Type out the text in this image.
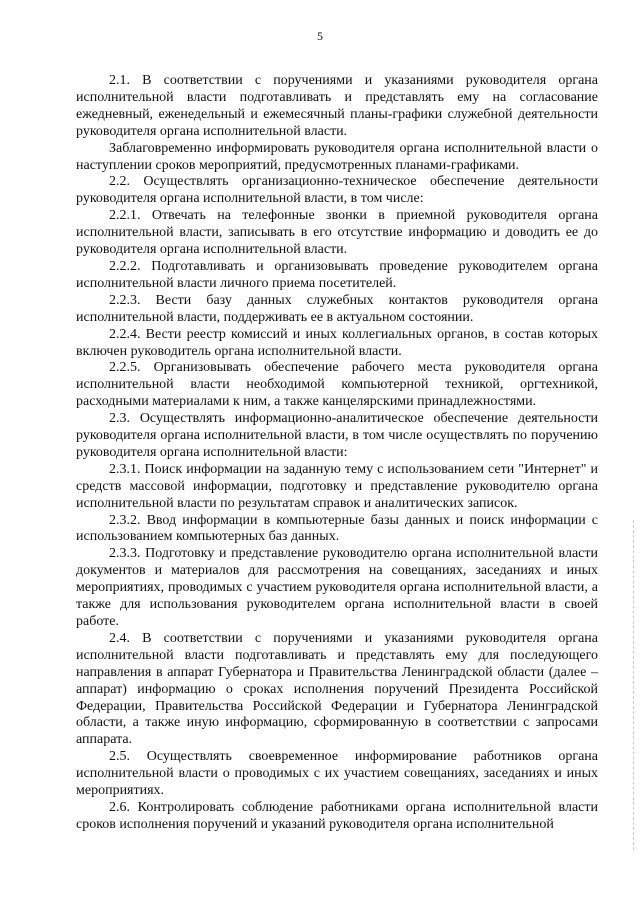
5

2.1. В соответствии с поручениями и указаниями руководителя органа исполнительной власти подготавливать и представлять ему на согласование ежедневный, еженедельный и ежемесячный планы-графики служебной деятельности руководителя органа исполнительной власти.

Заблаговременно информировать руководителя органа исполнительной власти о наступлении сроков мероприятий, предусмотренных планами-графиками.

2.2. Осуществлять организационно-техническое обеспечение деятельности руководителя органа исполнительной власти, в том числе:

2.2.1. Отвечать на телефонные звонки в приемной руководителя органа исполнительной власти, записывать в его отсутствие информацию и доводить ее до руководителя органа исполнительной власти.

2.2.2. Подготавливать и организовывать проведение руководителем органа исполнительной власти личного приема посетителей.

2.2.3. Вести базу данных служебных контактов руководителя органа исполнительной власти, поддерживать ее в актуальном состоянии.

2.2.4. Вести реестр комиссий и иных коллегиальных органов, в состав которых включен руководитель органа исполнительной власти.

2.2.5. Организовывать обеспечение рабочего места руководителя органа исполнительной власти необходимой компьютерной техникой, оргтехникой, расходными материалами к ним, а также канцелярскими принадлежностями.

2.3. Осуществлять информационно-аналитическое обеспечение деятельности руководителя органа исполнительной власти, в том числе осуществлять по поручению руководителя органа исполнительной власти:

2.3.1. Поиск информации на заданную тему с использованием сети "Интернет" и средств массовой информации, подготовку и представление руководителю органа исполнительной власти по результатам справок и аналитических записок.

2.3.2. Ввод информации в компьютерные базы данных и поиск информации с использованием компьютерных баз данных.

2.3.3. Подготовку и представление руководителю органа исполнительной власти документов и материалов для рассмотрения на совещаниях, заседаниях и иных мероприятиях, проводимых с участием руководителя органа исполнительной власти, а также для использования руководителем органа исполнительной власти в своей работе.

2.4. В соответствии с поручениями и указаниями руководителя органа исполнительной власти подготавливать и представлять ему для последующего направления в аппарат Губернатора и Правительства Ленинградской области (далее – аппарат) информацию о сроках исполнения поручений Президента Российской Федерации, Правительства Российской Федерации и Губернатора Ленинградской области, а также иную информацию, сформированную в соответствии с запросами аппарата.

2.5. Осуществлять своевременное информирование работников органа исполнительной власти о проводимых с их участием совещаниях, заседаниях и иных мероприятиях.

2.6. Контролировать соблюдение работниками органа исполнительной власти сроков исполнения поручений и указаний руководителя органа исполнительной
